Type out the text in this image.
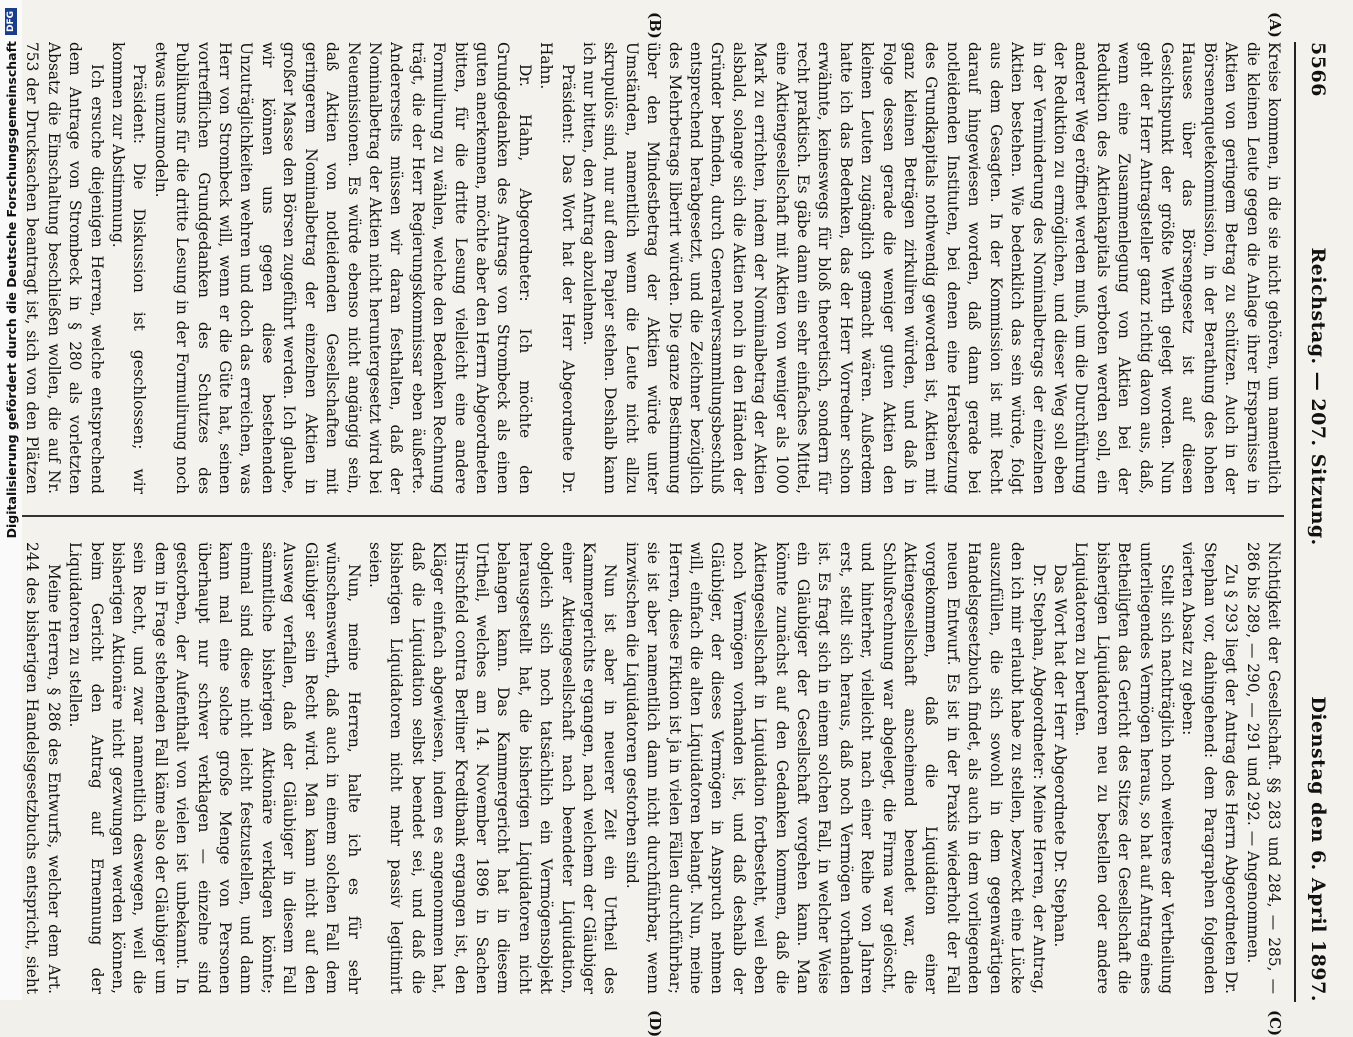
5566
Reichstag. — 207. Sitzung.
Dienstag den 6. April 1897.
(A)
(B)
(C)
(D)

Kreise kommen, in die sie nicht gehören, um namentlich die kleinen Leute gegen die Anlage ihrer Ersparnisse in Aktien von geringem Betrag zu schützen. Auch in der Börsenenquetekommission, in der Berathung des hohen Hauses über das Börsengesetz ist auf diesen Gesichtspunkt der größte Werth gelegt worden. Nun geht der Herr Antragsteller ganz richtig davon aus, daß, wenn eine Zusammenlegung von Aktien bei der Reduktion des Aktienkapitals verboten werden soll, ein anderer Weg eröffnet werden muß, um die Durchführung der Reduktion zu ermöglichen, und dieser Weg soll eben in der Verminderung des Nominalbetrags der einzelnen Aktien bestehen. Wie bedenklich das sein würde, folgt aus dem Gesagten. In der Kommission ist mit Recht darauf hingewiesen worden, daß dann gerade bei notleidenden Instituten, bei denen eine Herabsetzung des Grundkapitals nothwendig geworden ist, Aktien mit ganz kleinen Beträgen zirkuliren würden, und daß in Folge dessen gerade die weniger guten Aktien den kleinen Leuten zugänglich gemacht wären. Außerdem hatte ich das Bedenken, das der Herr Vorredner schon erwähnte, keineswegs für bloß theoretisch, sondern für recht praktisch. Es gäbe dann ein sehr einfaches Mittel, eine Aktiengesellschaft mit Aktien von weniger als 1000 Mark zu errichten, indem der Nominalbetrag der Aktien alsbald, solange sich die Aktien noch in den Händen der Gründer befinden, durch Generalversammlungsbeschluß entsprechend herabgesetzt, und die Zeichner bezüglich des Mehrbetrags liberirt würden. Die ganze Bestimmung über den Mindestbetrag der Aktien würde unter Umständen, namentlich wenn die Leute nicht allzu skrupulös sind, nur auf dem Papier stehen. Deshalb kann ich nur bitten, den Antrag abzulehnen.

Präsident: Das Wort hat der Herr Abgeordnete Dr. Hahn.

Dr. Hahn, Abgeordneter: Ich möchte den Grundgedanken des Antrags von Strombeck als einen guten anerkennen, möchte aber den Herrn Abgeordneten bitten, für die dritte Lesung vielleicht eine andere Formulirung zu wählen, welche den Bedenken Rechnung trägt, die der Herr Regierungskommissar eben äußerte. Andererseits müssen wir daran festhalten, daß der Nominalbetrag der Aktien nicht heruntergesetzt wird bei Neuemissionen. Es würde ebenso nicht angängig sein, daß Aktien von notleidenden Gesellschaften mit geringerem Nominalbetrag der einzelnen Aktien in großer Masse den Börsen zugeführt werden. Ich glaube, wir können uns gegen diese bestehenden Unzuträglichkeiten wehren und doch das erreichen, was Herr von Strombeck will, wenn er die Güte hat, seinen vortrefflichen Grundgedanken des Schutzes des Publikums für die dritte Lesung in der Formulirung noch etwas umzumodeln.

Präsident: Die Diskussion ist geschlossen; wir kommen zur Abstimmung.

Ich ersuche diejenigen Herren, welche entsprechend dem Antrage von Strombeck in § 280 als vorletzten Absatz die Einschaltung beschließen wollen, die auf Nr. 753 der Drucksachen beantragt ist, sich von den Plätzen

Nichtigkeit der Gesellschaft. §§ 283 und 284, — 285, — 286 bis 289, — 290, — 291 und 292. — Angenommen.

Zu § 293 liegt der Antrag des Herrn Abgeordneten Dr. Stephan vor, dahingehend: dem Paragraphen folgenden vierten Absatz zu geben:

Stellt sich nachträglich noch weiteres der Vertheilung unterliegendes Vermögen heraus, so hat auf Antrag eines Betheiligten das Gericht des Sitzes der Gesellschaft die bisherigen Liquidatoren neu zu bestellen oder andere Liquidatoren zu berufen.

Das Wort hat der Herr Abgeordnete Dr. Stephan.

Dr. Stephan, Abgeordneter: Meine Herren, der Antrag, den ich mir erlaubt habe zu stellen, bezweckt eine Lücke auszufüllen, die sich sowohl in dem gegenwärtigen Handelsgesetzbuch findet, als auch in dem vorliegenden neuen Entwurf. Es ist in der Praxis wiederholt der Fall vorgekommen, daß die Liquidation einer Aktiengesellschaft anscheinend beendet war, die Schlußrechnung war abgelegt, die Firma war gelöscht, und hinterher, vielleicht nach einer Reihe von Jahren erst, stellt sich heraus, daß noch Vermögen vorhanden ist. Es fragt sich in einem solchen Fall, in welcher Weise ein Gläubiger der Gesellschaft vorgehen kann. Man könnte zunächst auf den Gedanken kommen, daß die Aktiengesellschaft in Liquidation fortbesteht, weil eben noch Vermögen vorhanden ist, und daß deshalb der Gläubiger, der dieses Vermögen in Anspruch nehmen will, einfach die alten Liquidatoren belangt. Nun, meine Herren, diese Fiktion ist ja in vielen Fällen durchführbar; sie ist aber namentlich dann nicht durchführbar, wenn inzwischen die Liquidatoren gestorben sind.

Nun ist aber in neuerer Zeit ein Urtheil des Kammergerichts ergangen, nach welchem der Gläubiger einer Aktiengesellschaft nach beendeter Liquidation, obgleich sich noch tatsächlich ein Vermögensobjekt herausgestellt hat, die bisherigen Liquidatoren nicht belangen kann. Das Kammergericht hat in diesem Urtheil, welches am 14. November 1896 in Sachen Hirschfeld contra Berliner Kreditbank ergangen ist, den Kläger einfach abgewiesen, indem es angenommen hat, daß die Liquidation selbst beendet sei, und daß die bisherigen Liquidatoren nicht mehr passiv legitimirt seien.

Nun, meine Herren, halte ich es für sehr wünschenswerth, daß auch in einem solchen Fall dem Gläubiger sein Recht wird. Man kann nicht auf den Ausweg verfallen, daß der Gläubiger in diesem Fall sämmtliche bisherigen Aktionäre verklagen könnte; einmal sind diese nicht leicht festzustellen, und dann kann mal eine solche große Menge von Personen überhaupt nur schwer verklagen — einzelne sind gestorben, der Aufenthalt von vielen ist unbekannt. In dem in Frage stehenden Fall käme also der Gläubiger um sein Recht, und zwar namentlich deswegen, weil die bisherigen Aktionäre nicht gezwungen werden können, beim Gericht den Antrag auf Ernennung der Liquidatoren zu stellen.

Meine Herren, § 286 des Entwurfs, welcher dem Art. 244 des bisherigen Handelsgesetzbuchs entspricht, sieht

Digitalisierung gefördert durch die Deutsche Forschungsgemeinschaft
DFG
